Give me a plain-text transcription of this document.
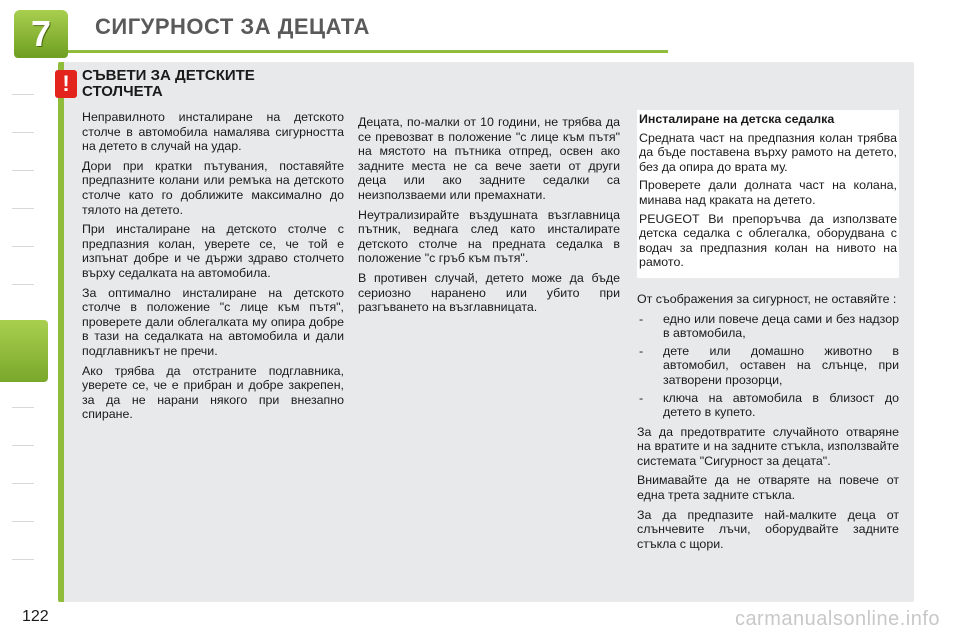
7 СИГУРНОСТ ЗА ДЕЦАТА
! СЪВЕТИ ЗА ДЕТСКИТЕ
СТОЛЧЕТА

Неправилното инсталиране на детското столче в автомобила намалява сигурността на детето в случай на удар.

Дори при кратки пътувания, поставяйте предпазните колани или ремъка на детското столче като го доближите максимално до тялото на детето.

При инсталиране на детското столче с предпазния колан, уверете се, че той е изпънат добре и че държи здраво столчето върху седалката на автомобила.

За оптимално инсталиране на детското столче в положение "с лице към пътя", проверете дали облегалката му опира добре в тази на седалката на автомобила и дали подглавникът не пречи.

Ако трябва да отстраните подглавника, уверете се, че е прибран и добре закрепен, за да не нарани някого при внезапно спиране.

Децата, по-малки от 10 години, не трябва да се превозват в положение "с лице към пътя" на мястото на пътника отпред, освен ако задните места не са вече заети от други деца или ако задните седалки са неизползваеми или премахнати.

Неутрализирайте въздушната възглавница пътник, веднага след като инсталирате детското столче на предната седалка в положение "с гръб към пътя".

В противен случай, детето може да бъде сериозно наранено или убито при разгъването на възглавницата.

Инсталиране на детска седалка

Средната част на предпазния колан трябва да бъде поставена върху рамото на детето, без да опира до врата му.

Проверете дали долната част на колана, минава над краката на детето.

PEUGEOT Ви препоръчва да използвате детска седалка с облегалка, оборудвана с водач за предпазния колан на нивото на рамото.

От съображения за сигурност, не оставяйте :

- едно или повече деца сами и без надзор в автомобила,
- дете или домашно животно в автомобил, оставен на слънце, при затворени прозорци,
- ключа на автомобила в близост до детето в купето.

За да предотвратите случайното отваряне на вратите и на задните стъкла, използвайте системата "Сигурност за децата".

Внимавайте да не отваряте на повече от една трета задните стъкла.

За да предпазите най-малките деца от слънчевите лъчи, оборудвайте задните стъкла с щори.

122	carmanualsonline.info
